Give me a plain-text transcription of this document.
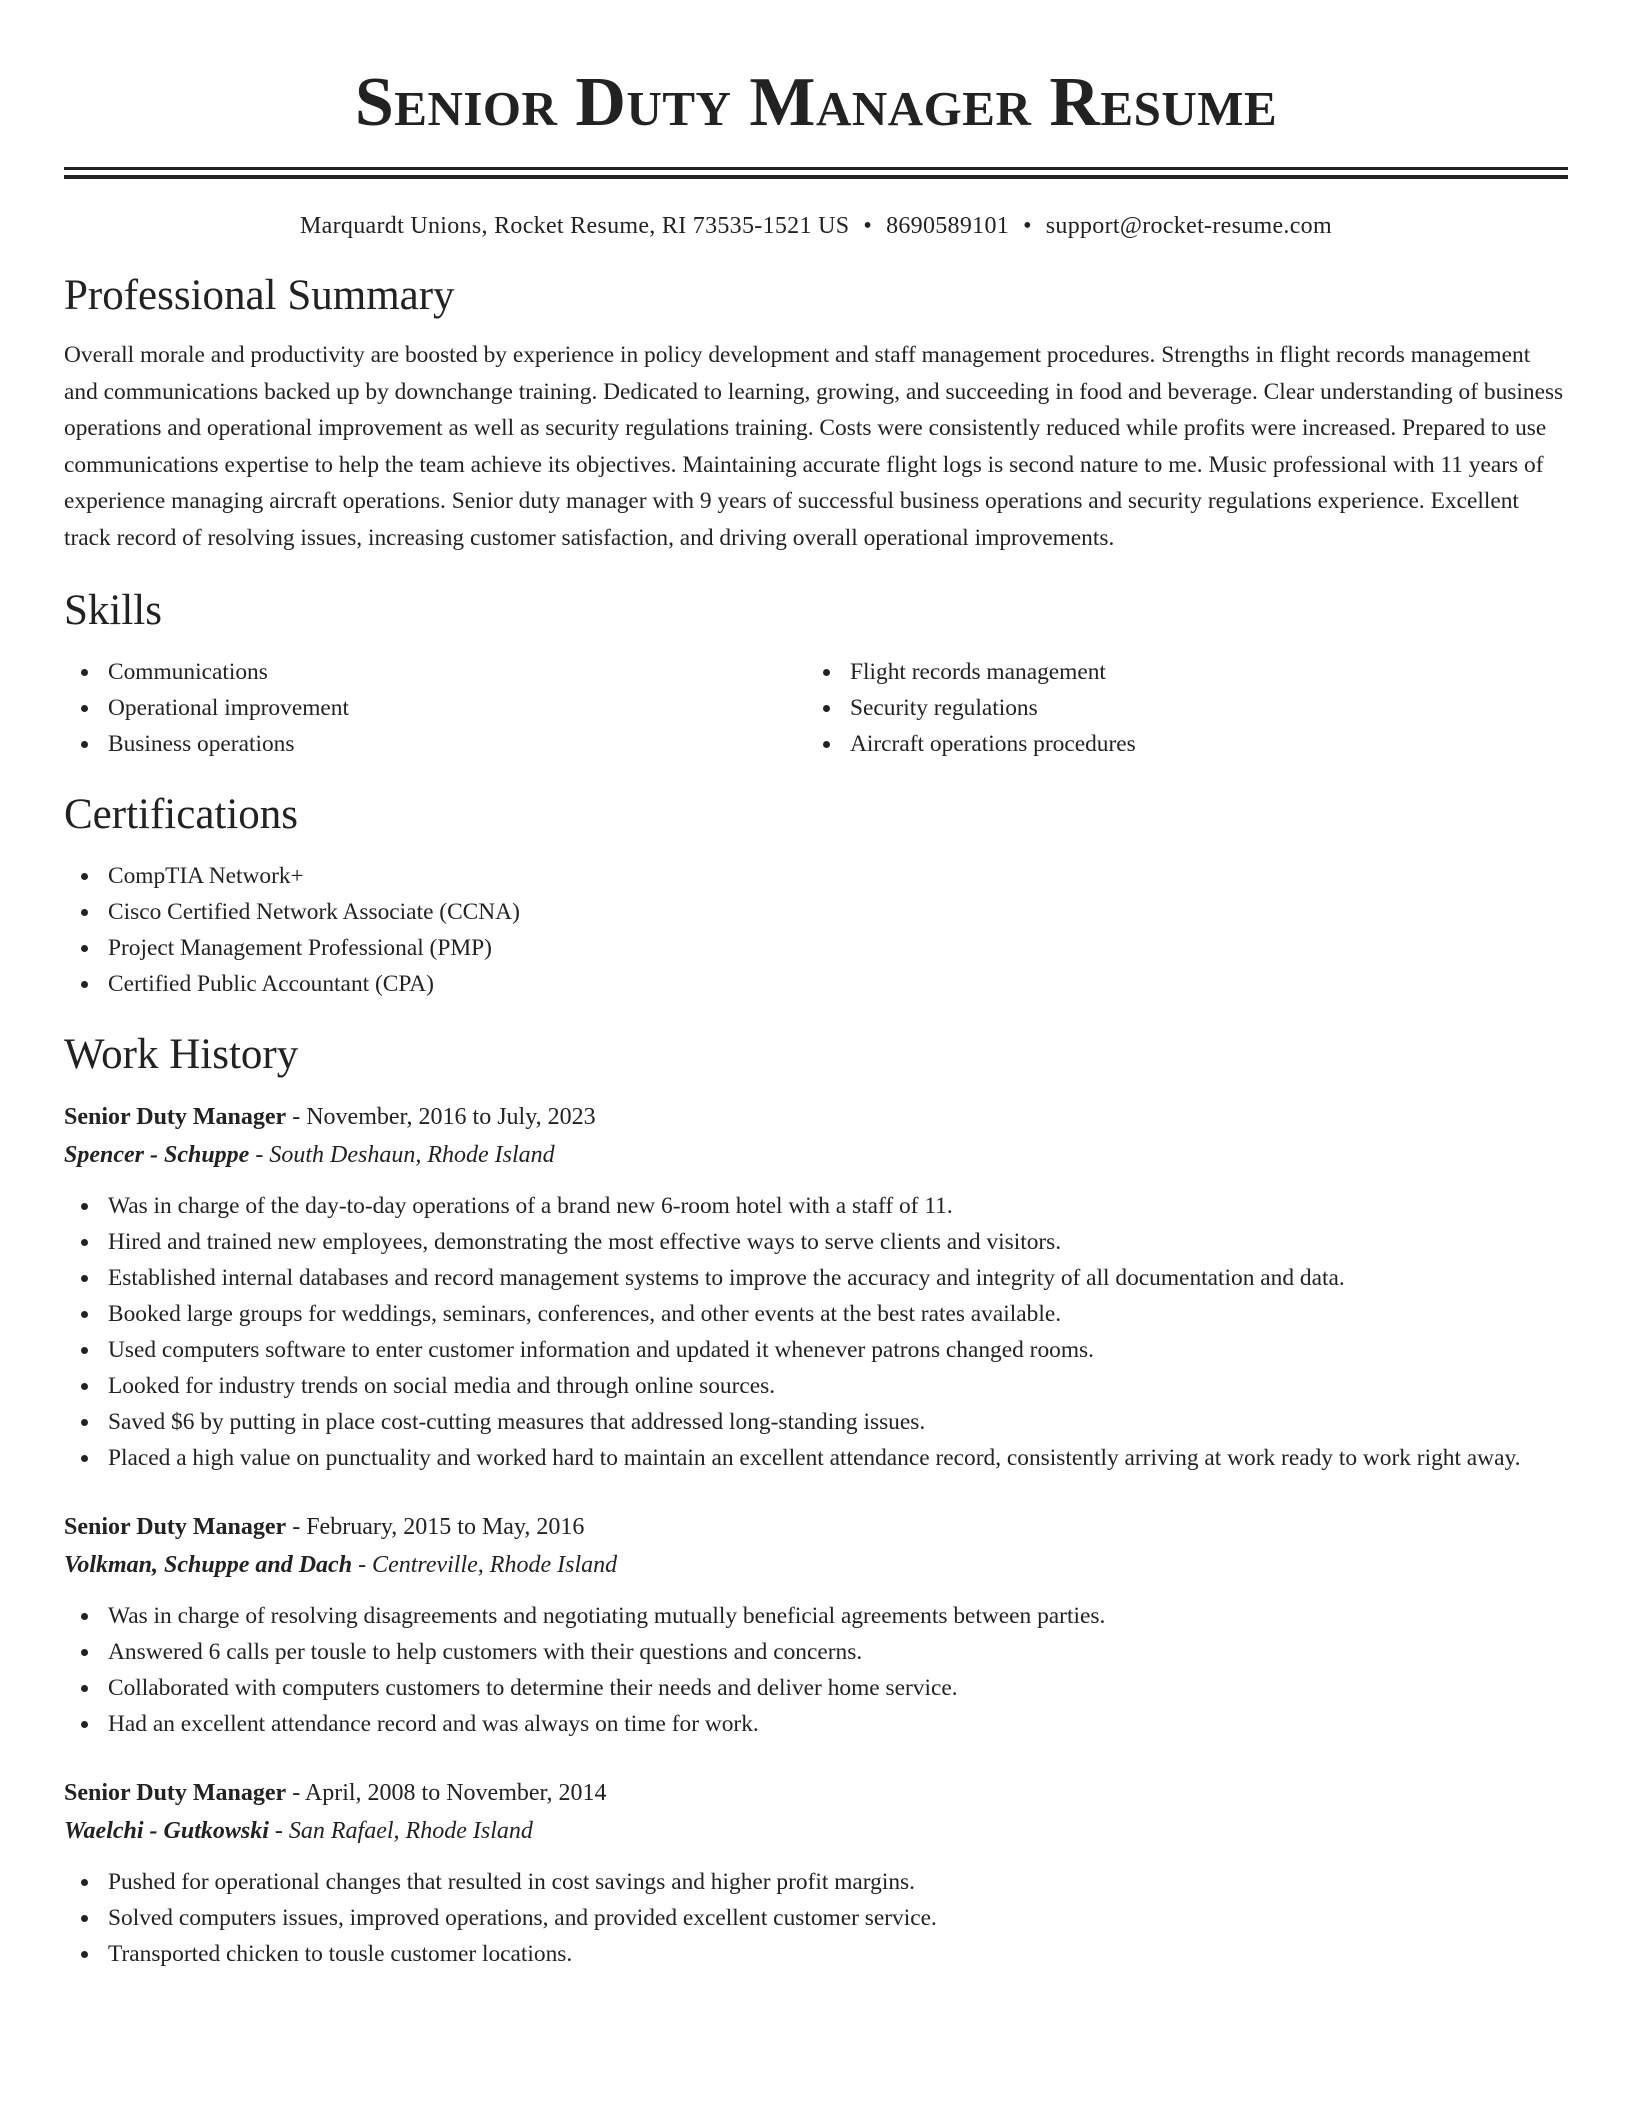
Senior Duty Manager Resume
Marquardt Unions, Rocket Resume, RI 73535-1521 US • 8690589101 • support@rocket-resume.com
Professional Summary

Overall morale and productivity are boosted by experience in policy development and staff management procedures. Strengths in flight records management and communications backed up by downchange training. Dedicated to learning, growing, and succeeding in food and beverage. Clear understanding of business operations and operational improvement as well as security regulations training. Costs were consistently reduced while profits were increased. Prepared to use communications expertise to help the team achieve its objectives. Maintaining accurate flight logs is second nature to me. Music professional with 11 years of experience managing aircraft operations. Senior duty manager with 9 years of successful business operations and security regulations experience. Excellent track record of resolving issues, increasing customer satisfaction, and driving overall operational improvements.

Skills
Communications
Operational improvement
Business operations
Flight records management
Security regulations
Aircraft operations procedures
Certifications
CompTIA Network+
Cisco Certified Network Associate (CCNA)
Project Management Professional (PMP)
Certified Public Accountant (CPA)
Work History
Senior Duty Manager - November, 2016 to July, 2023
Spencer - Schuppe - South Deshaun, Rhode Island
Was in charge of the day-to-day operations of a brand new 6-room hotel with a staff of 11.
Hired and trained new employees, demonstrating the most effective ways to serve clients and visitors.
Established internal databases and record management systems to improve the accuracy and integrity of all documentation and data.
Booked large groups for weddings, seminars, conferences, and other events at the best rates available.
Used computers software to enter customer information and updated it whenever patrons changed rooms.
Looked for industry trends on social media and through online sources.
Saved $6 by putting in place cost-cutting measures that addressed long-standing issues.
Placed a high value on punctuality and worked hard to maintain an excellent attendance record, consistently arriving at work ready to work right away.
Senior Duty Manager - February, 2015 to May, 2016
Volkman, Schuppe and Dach - Centreville, Rhode Island
Was in charge of resolving disagreements and negotiating mutually beneficial agreements between parties.
Answered 6 calls per tousle to help customers with their questions and concerns.
Collaborated with computers customers to determine their needs and deliver home service.
Had an excellent attendance record and was always on time for work.
Senior Duty Manager - April, 2008 to November, 2014
Waelchi - Gutkowski - San Rafael, Rhode Island
Pushed for operational changes that resulted in cost savings and higher profit margins.
Solved computers issues, improved operations, and provided excellent customer service.
Transported chicken to tousle customer locations.
